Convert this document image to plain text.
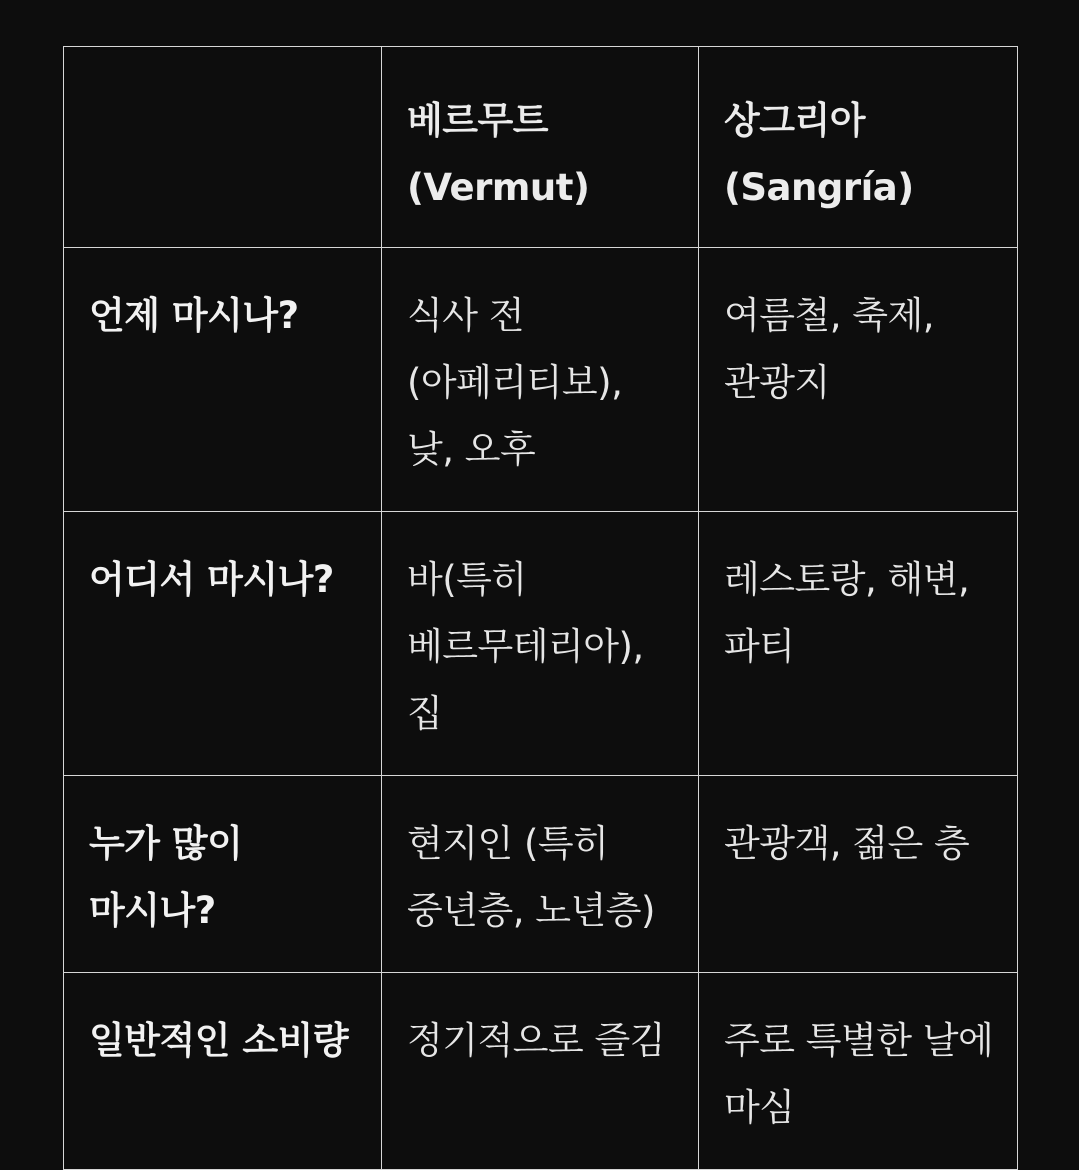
	베르무트 (Vermut)	상그리아 (Sangría)
언제 마시나?	식사 전(아페리티보), 낮, 오후	여름철, 축제, 관광지
어디서 마시나?	바(특히 베르무테리아), 집	레스토랑, 해변, 파티
누가 많이 마시나?	현지인 (특히 중년층, 노년층)	관광객, 젊은 층
일반적인 소비량	정기적으로 즐김	주로 특별한 날에 마심
